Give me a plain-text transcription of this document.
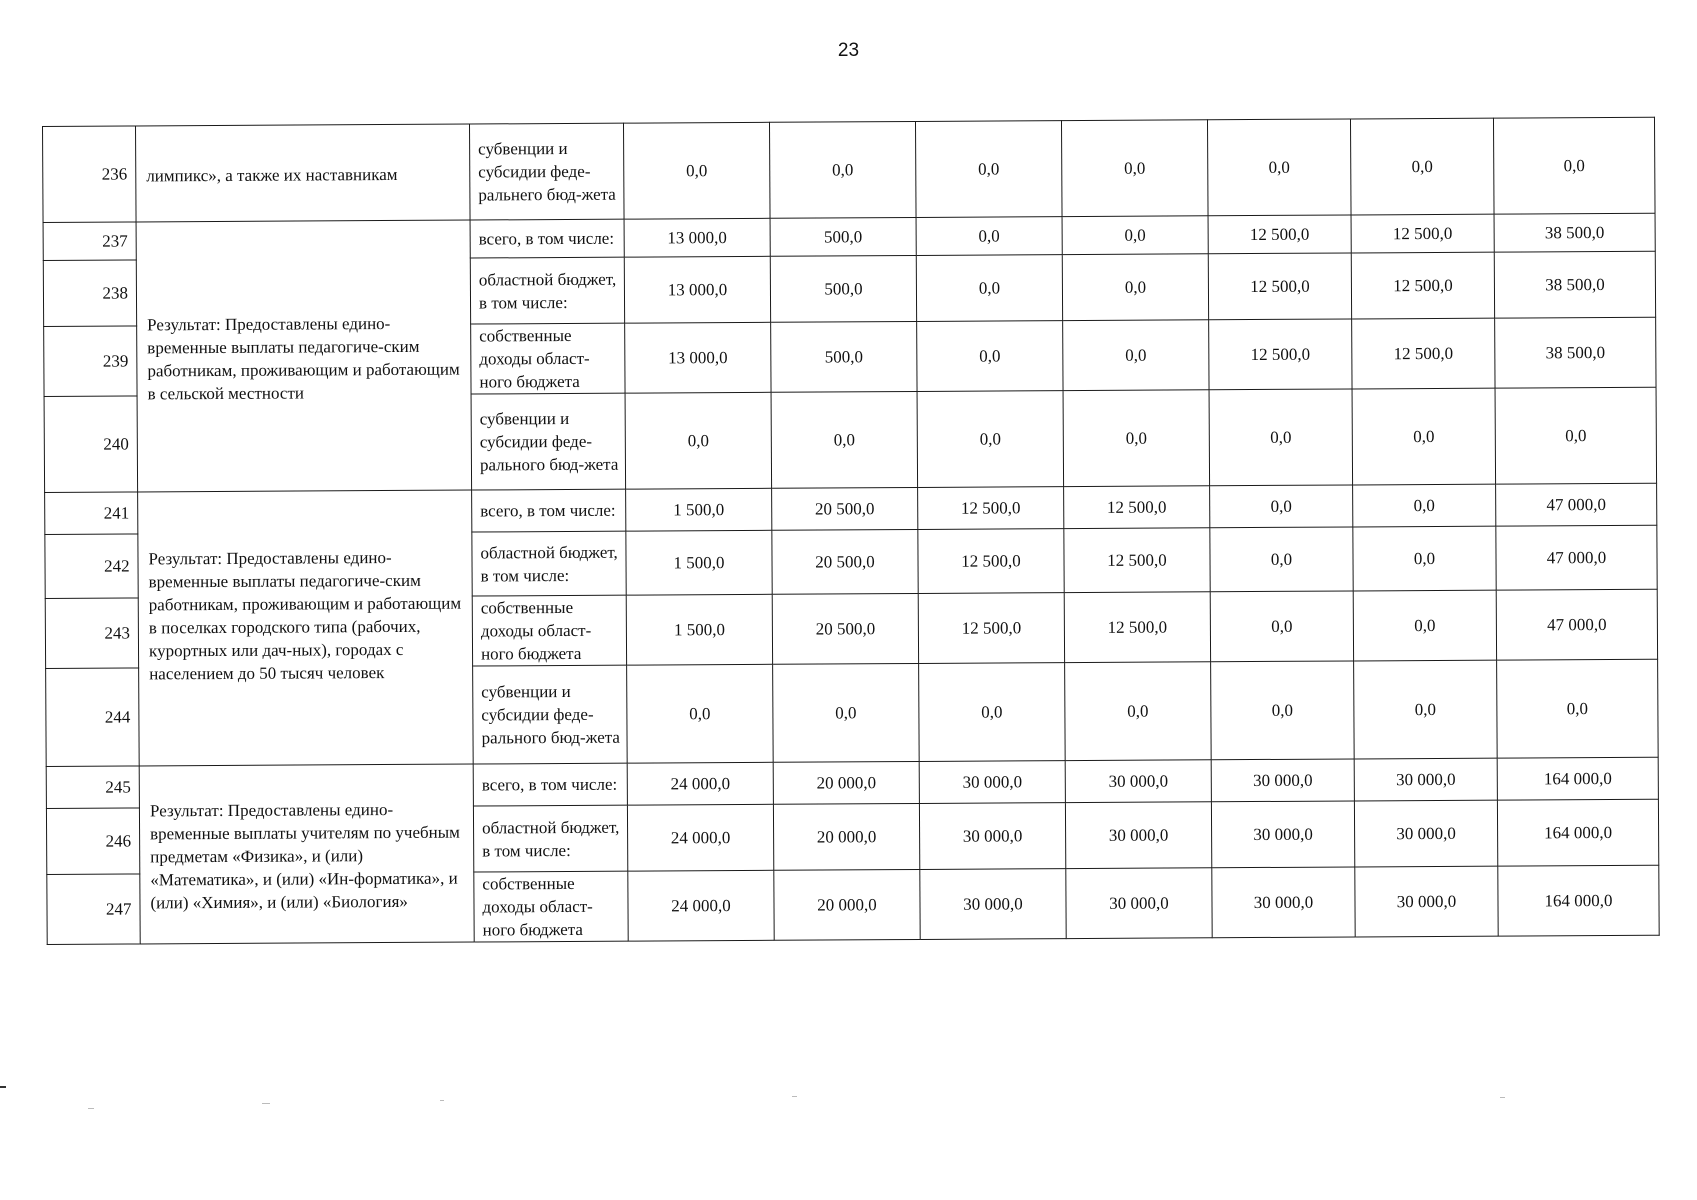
23
236	лимпикс», а также их наставникам	субвенции и субсидии феде-ральнего бюд-жета	0,0	0,0	0,0	0,0	0,0	0,0	0,0
237	Результат: Предоставлены едино-временные выплаты педагогиче-ским работникам, проживающим и работающим в сельской местности	всего, в том числе:	13 000,0	500,0	0,0	0,0	12 500,0	12 500,0	38 500,0
238		областной бюджет, в том числе:	13 000,0	500,0	0,0	0,0	12 500,0	12 500,0	38 500,0
239		собственные доходы област-ного бюджета	13 000,0	500,0	0,0	0,0	12 500,0	12 500,0	38 500,0
240		субвенции и субсидии феде-рального бюд-жета	0,0	0,0	0,0	0,0	0,0	0,0	0,0
241	Результат: Предоставлены едино-временные выплаты педагогиче-ским работникам, проживающим и работающим в поселках городского типа (рабочих, курортных или дач-ных), городах с населением до 50 тысяч человек	всего, в том числе:	1 500,0	20 500,0	12 500,0	12 500,0	0,0	0,0	47 000,0
242		областной бюджет, в том числе:	1 500,0	20 500,0	12 500,0	12 500,0	0,0	0,0	47 000,0
243		собственные доходы област-ного бюджета	1 500,0	20 500,0	12 500,0	12 500,0	0,0	0,0	47 000,0
244		субвенции и субсидии феде-рального бюд-жета	0,0	0,0	0,0	0,0	0,0	0,0	0,0
245	Результат: Предоставлены едино-временные выплаты учителям по учебным предметам «Физика», и (или) «Математика», и (или) «Ин-форматика», и (или) «Химия», и (или) «Биология»	всего, в том числе:	24 000,0	20 000,0	30 000,0	30 000,0	30 000,0	30 000,0	164 000,0
246		областной бюджет, в том числе:	24 000,0	20 000,0	30 000,0	30 000,0	30 000,0	30 000,0	164 000,0
247		собственные доходы област-ного бюджета	24 000,0	20 000,0	30 000,0	30 000,0	30 000,0	30 000,0	164 000,0
